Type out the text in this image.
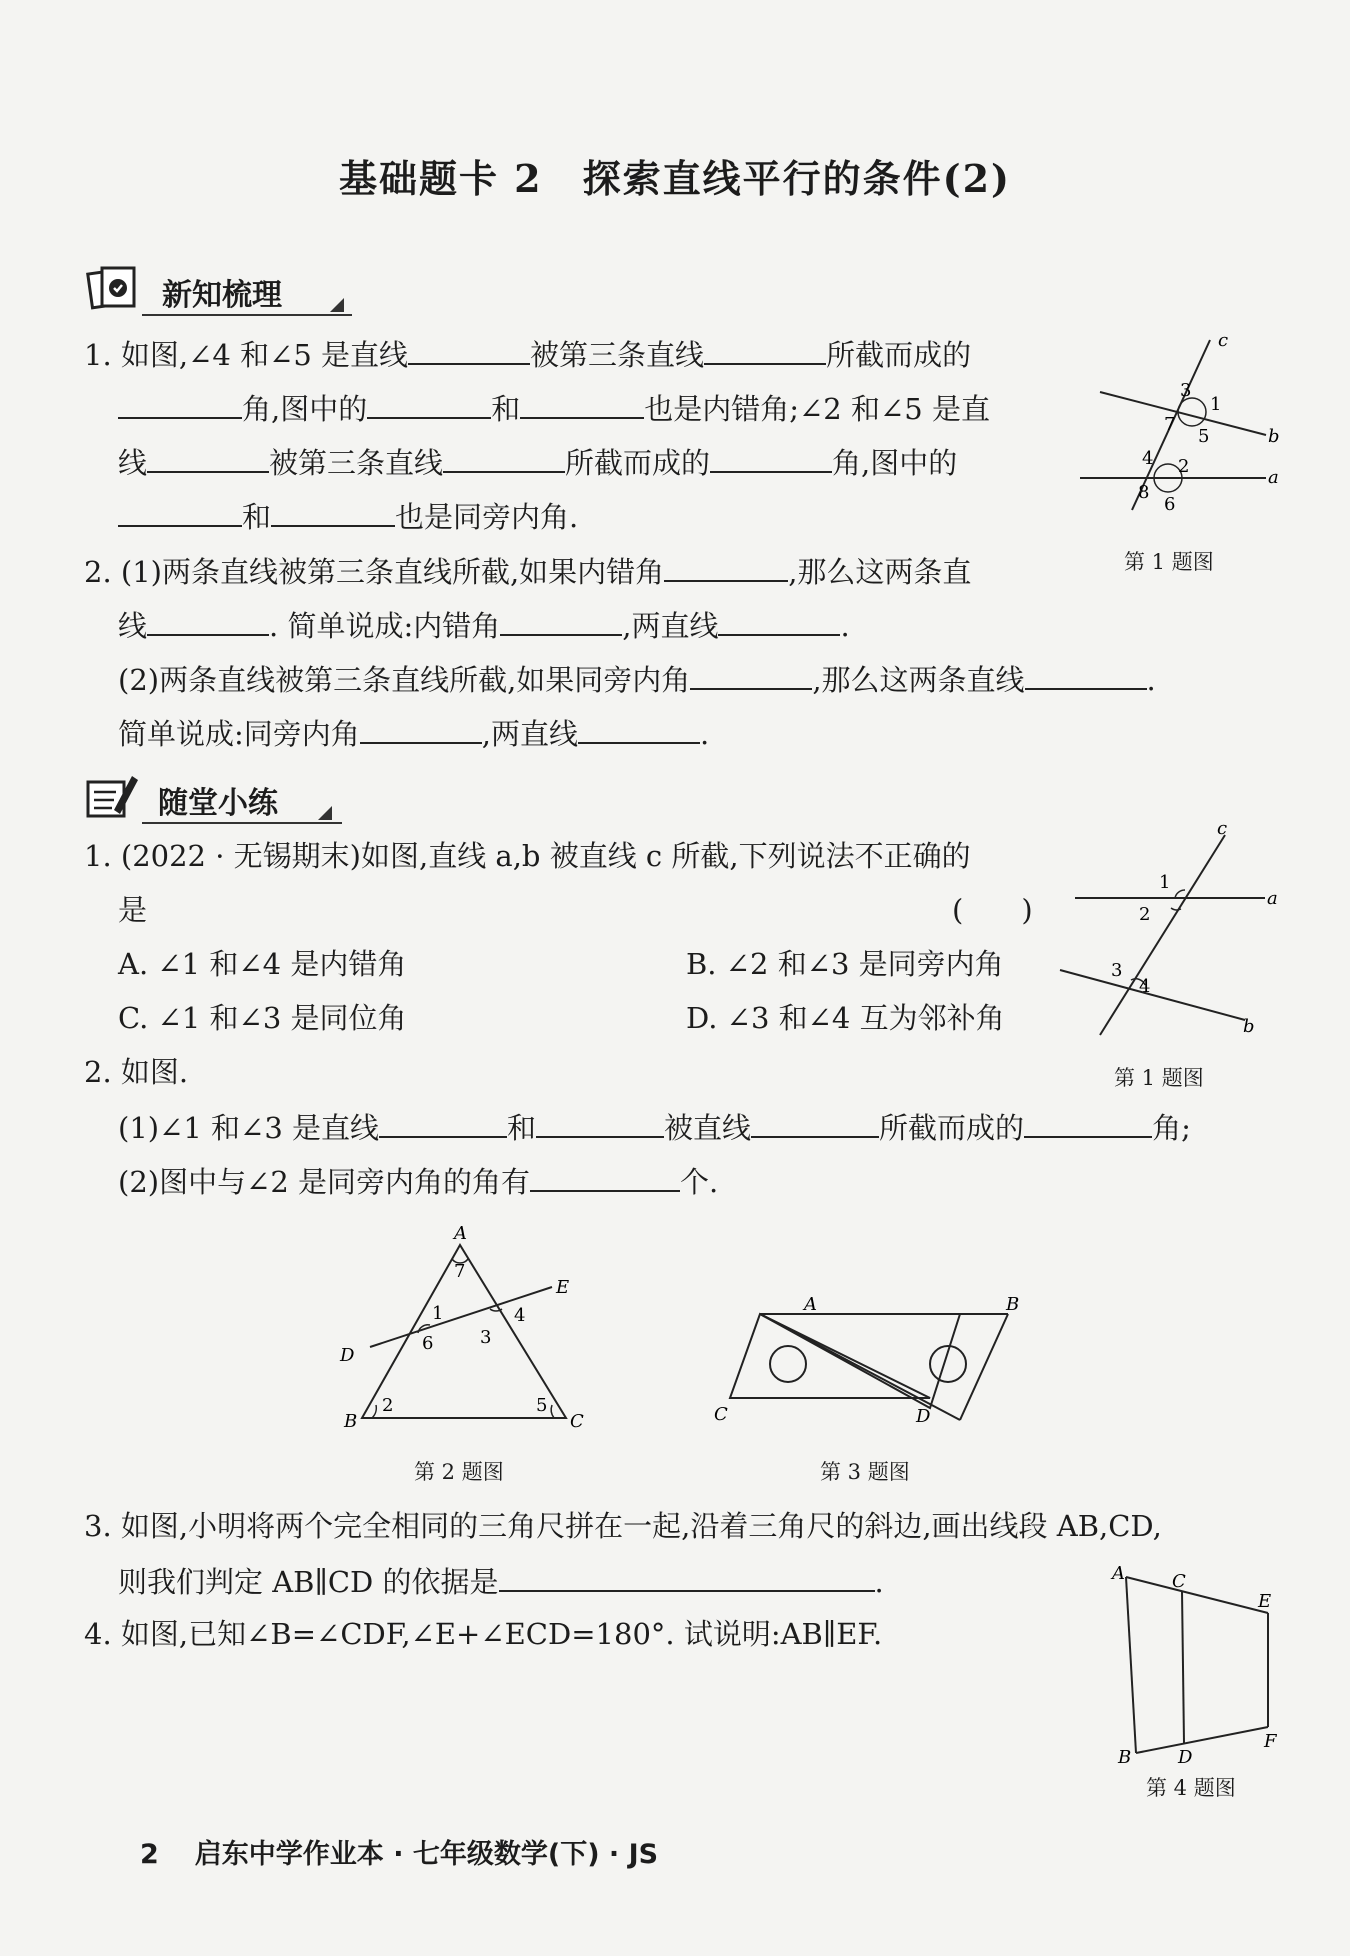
基础题卡 2　探索直线平行的条件(2)
新知梳理
1. 如图,∠4 和∠5 是直线	被第三条直线	所截而成的
角,图中的	和	也是内错角;∠2 和∠5 是直
线	被第三条直线	所截而成的	角,图中的
和	也是同旁内角.
c
b
a
3
1
7
5
4 2
8
6
第 1 题图
2. (1)两条直线被第三条直线所截,如果内错角	,那么这两条直
线	. 简单说成:内错角	,两直线	.
(2)两条直线被第三条直线所截,如果同旁内角	,那么这两条直线	.
简单说成:同旁内角	,两直线	.
随堂小练
1. (2022 · 无锡期末)如图,直线 a,b 被直线 c 所截,下列说法不正确的
是	(　　)
A. ∠1 和∠4 是内错角	B. ∠2 和∠3 是同旁内角
C. ∠1 和∠3 是同位角	D. ∠3 和∠4 互为邻补角
c
a
b
1
2
3
4
第 1 题图
2. 如图.
(1)∠1 和∠3 是直线	和	被直线	所截而成的	角;
(2)图中与∠2 是同旁内角的角有	个.
A
B	C
D
E
7
1
6	3
4
2	5
第 2 题图
A	B
C	D
第 3 题图
3. 如图,小明将两个完全相同的三角尺拼在一起,沿着三角尺的斜边,画出线段 AB,CD,
则我们判定 AB∥CD 的依据是	.
4. 如图,已知∠B=∠CDF,∠E+∠ECD=180°. 试说明:AB∥EF.
A	C
E
F
B	D
第 4 题图
2 启东中学作业本 · 七年级数学(下) · JS
